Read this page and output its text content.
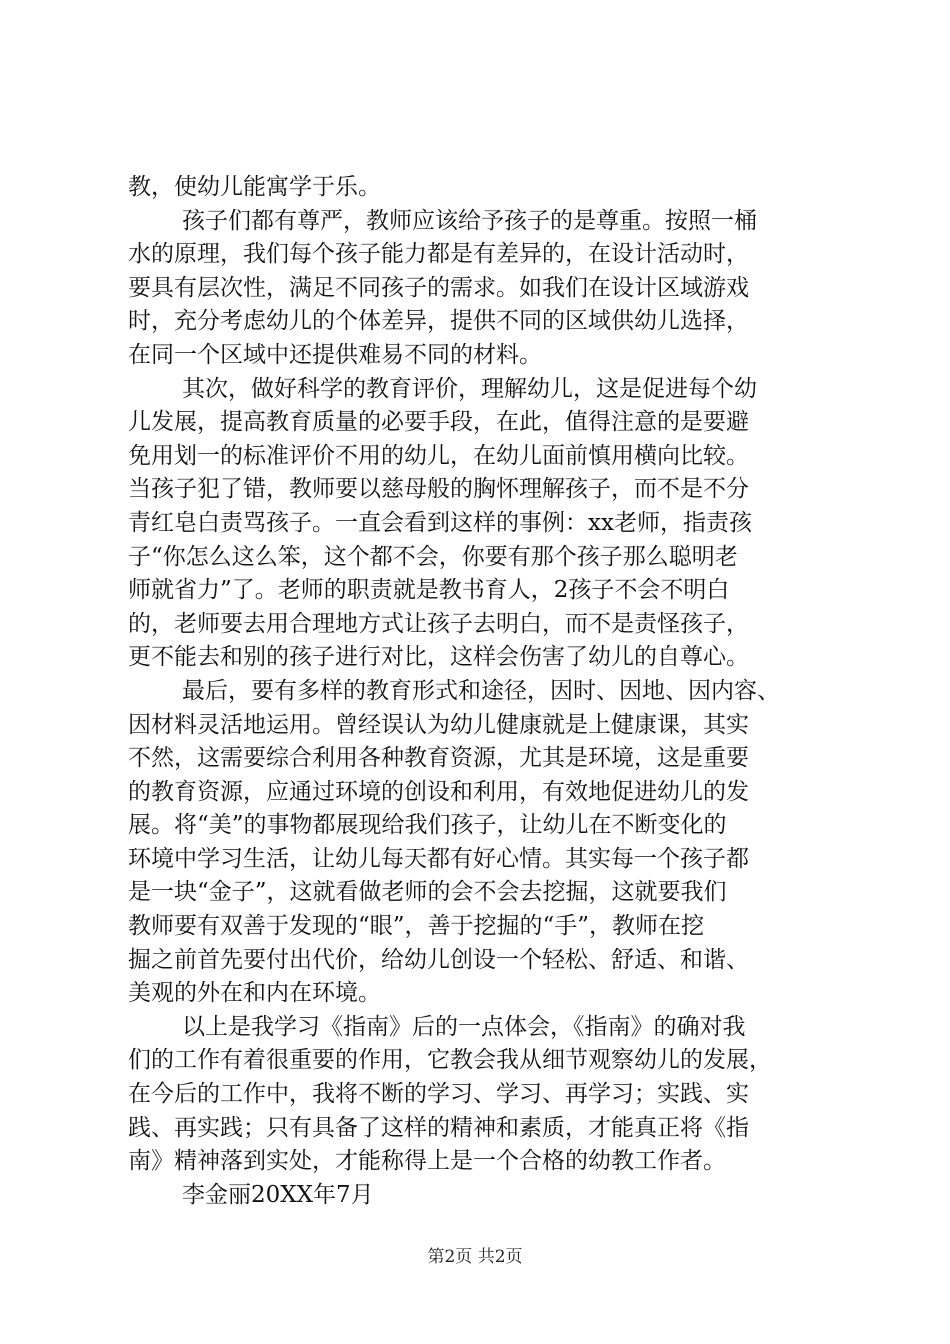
教，使幼儿能寓学于乐。
孩子们都有尊严，教师应该给予孩子的是尊重。按照一桶
水的原理，我们每个孩子能力都是有差异的，在设计活动时，
要具有层次性，满足不同孩子的需求。如我们在设计区域游戏
时，充分考虑幼儿的个体差异，提供不同的区域供幼儿选择，
在同一个区域中还提供难易不同的材料。
其次，做好科学的教育评价，理解幼儿，这是促进每个幼
儿发展，提高教育质量的必要手段，在此，值得注意的是要避
免用划一的标准评价不用的幼儿，在幼儿面前慎用横向比较。
当孩子犯了错，教师要以慈母般的胸怀理解孩子，而不是不分
青红皂白责骂孩子。一直会看到这样的事例：xx老师，指责孩
子“你怎么这么笨，这个都不会，你要有那个孩子那么聪明老
师就省力”了。老师的职责就是教书育人，2孩子不会不明白
的，老师要去用合理地方式让孩子去明白，而不是责怪孩子，
更不能去和别的孩子进行对比，这样会伤害了幼儿的自尊心。
最后，要有多样的教育形式和途径，因时、因地、因内容、
因材料灵活地运用。曾经误认为幼儿健康就是上健康课，其实
不然，这需要综合利用各种教育资源，尤其是环境，这是重要
的教育资源，应通过环境的创设和利用，有效地促进幼儿的发
展。将“美”的事物都展现给我们孩子，让幼儿在不断变化的
环境中学习生活，让幼儿每天都有好心情。其实每一个孩子都
是一块“金子”，这就看做老师的会不会去挖掘，这就要我们
教师要有双善于发现的“眼”，善于挖掘的“手”，教师在挖
掘之前首先要付出代价，给幼儿创设一个轻松、舒适、和谐、
美观的外在和内在环境。
以上是我学习《指南》后的一点体会，《指南》的确对我
们的工作有着很重要的作用，它教会我从细节观察幼儿的发展，
在今后的工作中，我将不断的学习、学习、再学习；实践、实
践、再实践；只有具备了这样的精神和素质，才能真正将《指
南》精神落到实处，才能称得上是一个合格的幼教工作者。
李金丽20XX年7月
第2页 共2页
